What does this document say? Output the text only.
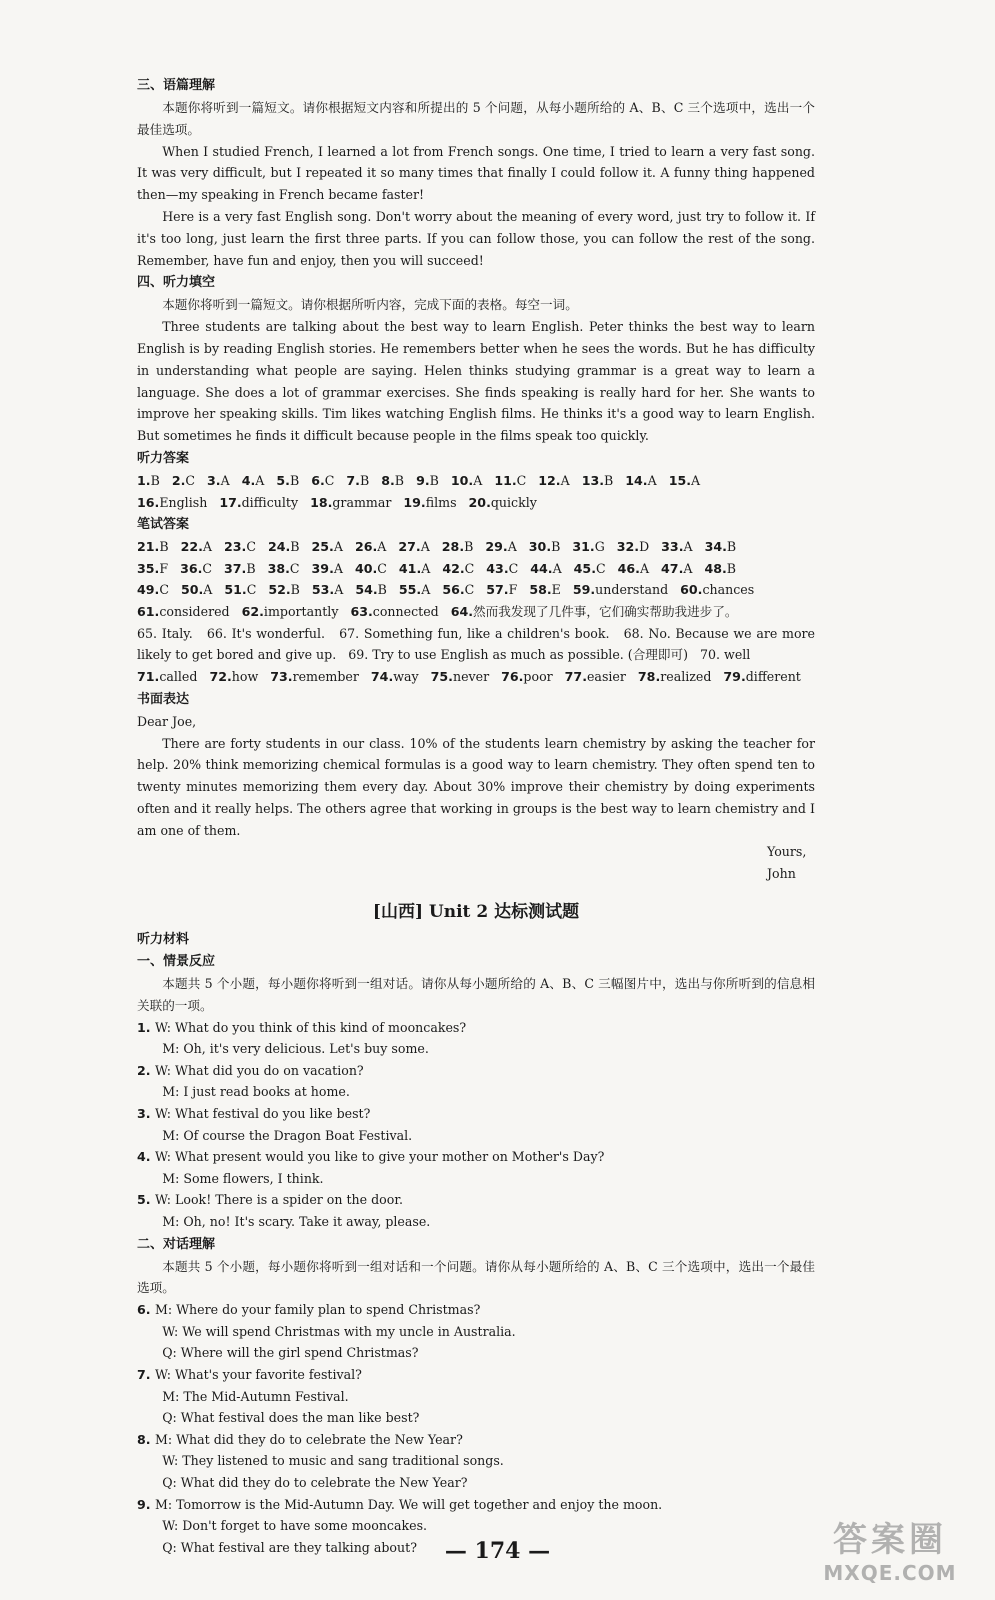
三、语篇理解

本题你将听到一篇短文。请你根据短文内容和所提出的 5 个问题，从每小题所给的 A、B、C 三个选项中，选出一个最佳选项。

When I studied French, I learned a lot from French songs. One time, I tried to learn a very fast song. It was very difficult, but I repeated it so many times that finally I could follow it. A funny thing happened then—my speaking in French became faster!

Here is a very fast English song. Don't worry about the meaning of every word, just try to follow it. If it's too long, just learn the first three parts. If you can follow those, you can follow the rest of the song. Remember, have fun and enjoy, then you will succeed!

四、听力填空

本题你将听到一篇短文。请你根据所听内容，完成下面的表格。每空一词。

Three students are talking about the best way to learn English. Peter thinks the best way to learn English is by reading English stories. He remembers better when he sees the words. But he has difficulty in understanding what people are saying. Helen thinks studying grammar is a great way to learn a language. She does a lot of grammar exercises. She finds speaking is really hard for her. She wants to improve her speaking skills. Tim likes watching English films. He thinks it's a good way to learn English. But sometimes he finds it difficult because people in the films speak too quickly.

听力答案
1.B 2.C 3.A 4.A 5.B 6.C 7.B 8.B 9.B 10.A 11.C 12.A 13.B 14.A 15.A
16.English 17.difficulty 18.grammar 19.films 20.quickly
笔试答案
21.B 22.A 23.C 24.B 25.A 26.A 27.A 28.B 29.A 30.B 31.G 32.D 33.A 34.B
35.F 36.C 37.B 38.C 39.A 40.C 41.A 42.C 43.C 44.A 45.C 46.A 47.A 48.B
49.C 50.A 51.C 52.B 53.A 54.B 55.A 56.C 57.F 58.E 59.understand 60.chances
61.considered 62.importantly 63.connected 64.然而我发现了几件事，它们确实帮助我进步了。

65. Italy. 66. It's wonderful. 67. Something fun, like a children's book. 68. No. Because we are more likely to get bored and give up. 69. Try to use English as much as possible. (合理即可) 70. well

71.called 72.how 73.remember 74.way 75.never 76.poor 77.easier 78.realized 79.different
书面表达

Dear Joe,

There are forty students in our class. 10% of the students learn chemistry by asking the teacher for help. 20% think memorizing chemical formulas is a good way to learn chemistry. They often spend ten to twenty minutes memorizing them every day. About 30% improve their chemistry by doing experiments often and it really helps. The others agree that working in groups is the best way to learn chemistry and I am one of them.

Yours,

John

[山西] Unit 2 达标测试题
听力材料
一、情景反应

本题共 5 个小题，每小题你将听到一组对话。请你从每小题所给的 A、B、C 三幅图片中，选出与你所听到的信息相关联的一项。

1. W: What do you think of this kind of mooncakes?
M: Oh, it's very delicious. Let's buy some.
2. W: What did you do on vacation?
M: I just read books at home.
3. W: What festival do you like best?
M: Of course the Dragon Boat Festival.
4. W: What present would you like to give your mother on Mother's Day?
M: Some flowers, I think.
5. W: Look! There is a spider on the door.
M: Oh, no! It's scary. Take it away, please.
二、对话理解

本题共 5 个小题，每小题你将听到一组对话和一个问题。请你从每小题所给的 A、B、C 三个选项中，选出一个最佳选项。

6. M: Where do your family plan to spend Christmas?
W: We will spend Christmas with my uncle in Australia.
Q: Where will the girl spend Christmas?
7. W: What's your favorite festival?
M: The Mid-Autumn Festival.
Q: What festival does the man like best?
8. M: What did they do to celebrate the New Year?
W: They listened to music and sang traditional songs.
Q: What did they do to celebrate the New Year?
9. M: Tomorrow is the Mid-Autumn Day. We will get together and enjoy the moon.
W: Don't forget to have some mooncakes.
Q: What festival are they talking about?	— 174 —	答案圈
MXQE.COM
